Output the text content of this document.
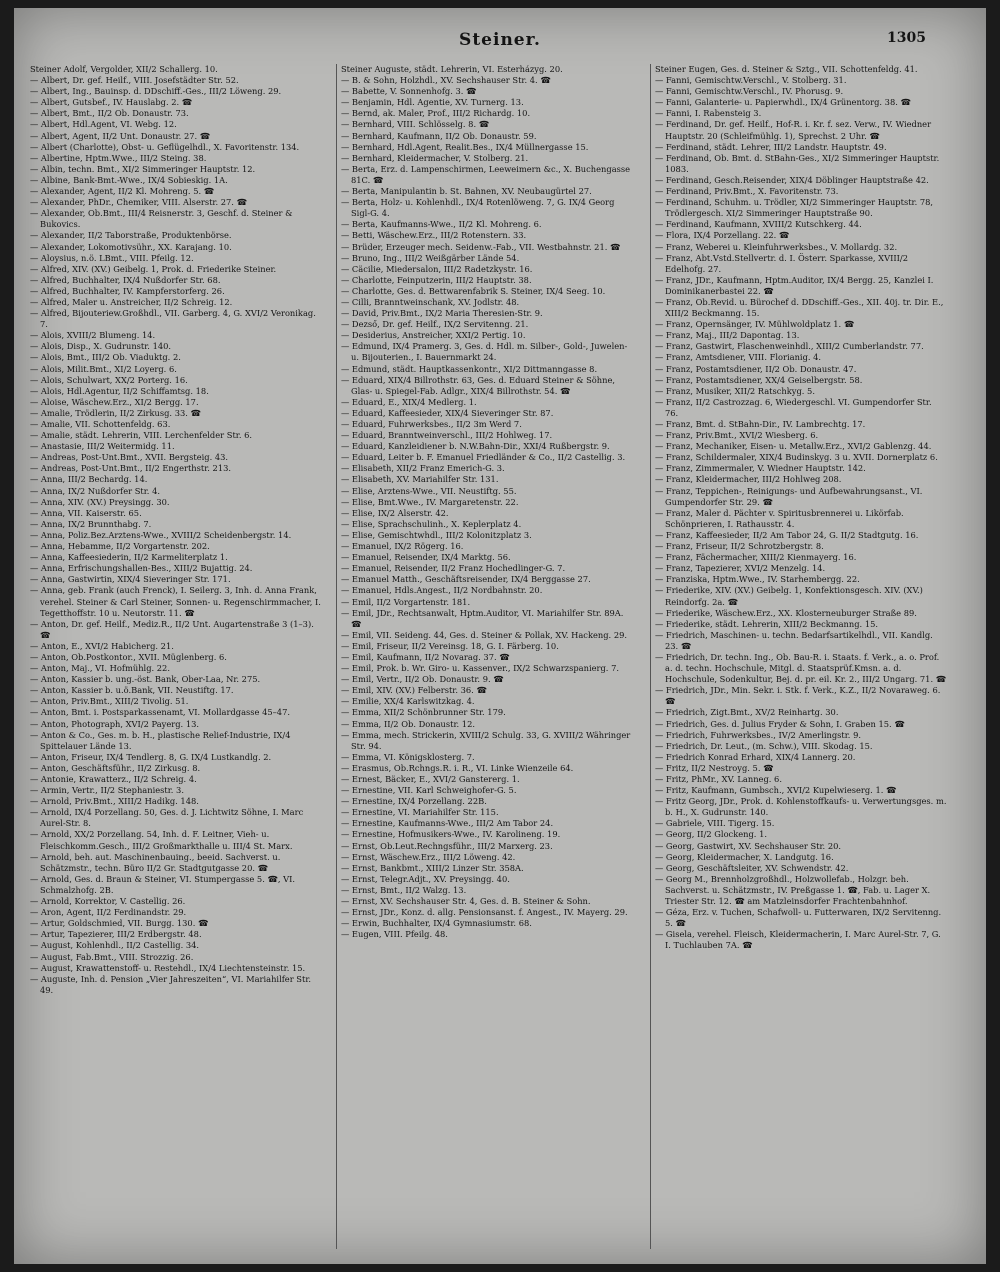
Steiner.	1305
Steiner Adolf, Vergolder, XII/2 Schallerg. 10.
— Albert, Dr. gef. Heilf., VIII. Josefstädter Str. 52.
— Albert, Ing., Bauinsp. d. DDschiff.-Ges., III/2 Löweng. 29.
— Albert, Gutsbef., IV. Hauslabg. 2. ☎
— Albert, Bmt., II/2 Ob. Donaustr. 73.
— Albert, Hdl.Agent, VI. Webg. 12.
— Albert, Agent, II/2 Unt. Donaustr. 27. ☎
— Albert (Charlotte), Obst- u. Geflügelhdl., X. Favoritenstr. 134.
— Albertine, Hptm.Wwe., III/2 Steing. 38.
— Albin, techn. Bmt., XI/2 Simmeringer Hauptstr. 12.
— Albine, Bank-Bmt.-Wwe., IX/4 Sobieskig. 1A.
— Alexander, Agent, II/2 Kl. Mohreng. 5. ☎
— Alexander, PhDr., Chemiker, VIII. Alserstr. 27. ☎
— Alexander, Ob.Bmt., III/4 Reisnerstr. 3, Geschf. d. Steiner & Bukovics.
— Alexander, II/2 Taborstraße, Produktenbörse.
— Alexander, Lokomotivsühr., XX. Karajang. 10.
— Aloysius, n.ö. LBmt., VIII. Pfeilg. 12.
— Alfred, XIV. (XV.) Geibelg. 1, Prok. d. Friederike Steiner.
— Alfred, Buchhalter, IX/4 Nußdorfer Str. 68.
— Alfred, Buchhalter, IV. Kampferstorferg. 26.
— Alfred, Maler u. Anstreicher, II/2 Schreig. 12.
— Alfred, Bijouteriew.Großhdl., VII. Garberg. 4, G. XVI/2 Veronikag. 7.
— Alois, XVIII/2 Blumeng. 14.
— Alois, Disp., X. Gudrunstr. 140.
— Alois, Bmt., III/2 Ob. Viaduktg. 2.
— Alois, Milit.Bmt., XI/2 Loyerg. 6.
— Alois, Schulwart, XX/2 Porterg. 16.
— Alois, Hdl.Agentur, II/2 Schiffamtsg. 18.
— Aloise, Wäschew.Erz., XI/2 Bergg. 17.
— Amalie, Trödlerin, II/2 Zirkusg. 33. ☎
— Amalie, VII. Schottenfeldg. 63.
— Amalie, städt. Lehrerin, VIII. Lerchenfelder Str. 6.
— Anastasie, III/2 Weitermidg. 11.
— Andreas, Post-Unt.Bmt., XVII. Bergsteig. 43.
— Andreas, Post-Unt.Bmt., II/2 Engerthstr. 213.
— Anna, III/2 Bechardg. 14.
— Anna, IX/2 Nußdorfer Str. 4.
— Anna, XIV. (XV.) Preysingg. 30.
— Anna, VII. Kaiserstr. 65.
— Anna, IX/2 Brunnthabg. 7.
— Anna, Poliz.Bez.Arztens-Wwe., XVIII/2 Scheidenbergstr. 14.
— Anna, Hebamme, II/2 Vorgartenstr. 202.
— Anna, Kaffeesiederin, II/2 Karmeliterplatz 1.
— Anna, Erfrischungshallen-Bes., XIII/2 Bujattig. 24.
— Anna, Gastwirtin, XIX/4 Sieveringer Str. 171.
— Anna, geb. Frank (auch Frenck), I. Seilerg. 3, Inh. d. Anna Frank, verehel. Steiner & Carl Steiner, Sonnen- u. Regenschirmmacher, I. Tegetthoffstr. 10 u. Neutorstr. 11. ☎
— Anton, Dr. gef. Heilf., Mediz.R., II/2 Unt. Augartenstraße 3 (1–3). ☎
— Anton, E., XVI/2 Habicherg. 21.
— Anton, Ob.Postkontor., XVII. Müglenberg. 6.
— Anton, Maj., VI. Hofmühlg. 22.
— Anton, Kassier b. ung.-öst. Bank, Ober-Laa, Nr. 275.
— Anton, Kassier b. u.ö.Bank, VII. Neustiftg. 17.
— Anton, Priv.Bmt., XIII/2 Tivolig. 51.
— Anton, Bmt. i. Postsparkassenamt, VI. Mollardgasse 45–47.
— Anton, Photograph, XVI/2 Payerg. 13.
— Anton & Co., Ges. m. b. H., plastische Relief-Industrie, IX/4 Spittelauer Lände 13.
— Anton, Friseur, IX/4 Tendlerg. 8, G. IX/4 Lustkandlg. 2.
— Anton, Geschäftsführ., II/2 Zirkusg. 8.
— Antonie, Krawatterz., II/2 Schreig. 4.
— Armin, Vertr., II/2 Stephaniestr. 3.
— Arnold, Priv.Bmt., XIII/2 Hadikg. 148.
— Arnold, IX/4 Porzellang. 50, Ges. d. J. Lichtwitz Söhne, I. Marc Aurel-Str. 8.
— Arnold, XX/2 Porzellang. 54, Inh. d. F. Leitner, Vieh- u. Fleischkomm.Gesch., III/2 Großmarkthalle u. III/4 St. Marx.
— Arnold, beh. aut. Maschinenbauing., beeid. Sachverst. u. Schätzmstr., techn. Büro II/2 Gr. Stadtgutgasse 20. ☎
— Arnold, Ges. d. Braun & Steiner, VI. Stumpergasse 5. ☎, VI. Schmalzhofg. 2B.
— Arnold, Korrektor, V. Castellig. 26.
— Aron, Agent, II/2 Ferdinandstr. 29.
— Artur, Goldschmied, VII. Burgg. 130. ☎
— Artur, Tapezierer, III/2 Erdbergstr. 48.
— August, Kohlenhdl., II/2 Castellig. 34.
— August, Fab.Bmt., VIII. Strozzig. 26.
— August, Krawattenstoff- u. Restehdl., IX/4 Liechtensteinstr. 15.
— Auguste, Inh. d. Pension „Vier Jahreszeiten“, VI. Mariahilfer Str. 49.
Steiner Auguste, städt. Lehrerin, VI. Esterházyg. 20.
— B. & Sohn, Holzhdl., XV. Sechshauser Str. 4. ☎
— Babette, V. Sonnenhofg. 3. ☎
— Benjamin, Hdl. Agentie, XV. Turnerg. 13.
— Bernd, ak. Maler, Prof., III/2 Richardg. 10.
— Bernhard, VIII. Schlösselg. 8. ☎
— Bernhard, Kaufmann, II/2 Ob. Donaustr. 59.
— Bernhard, Hdl.Agent, Realit.Bes., IX/4 Müllnergasse 15.
— Bernhard, Kleidermacher, V. Stolberg. 21.
— Berta, Erz. d. Lampenschirmen, Leeweimern &c., X. Buchengasse 81C. ☎
— Berta, Manipulantin b. St. Bahnen, XV. Neubaugürtel 27.
— Berta, Holz- u. Kohlenhdl., IX/4 Rotenlöweng. 7, G. IX/4 Georg Sigl-G. 4.
— Berta, Kaufmanns-Wwe., II/2 Kl. Mohreng. 6.
— Betti, Wäschew.Erz., III/2 Rotenstern. 33.
— Brüder, Erzeuger mech. Seidenw.-Fab., VII. Westbahnstr. 21. ☎
— Bruno, Ing., III/2 Weißgärber Lände 54.
— Cäcilie, Miedersalon, III/2 Radetzkystr. 16.
— Charlotte, Feinputzerin, III/2 Hauptstr. 38.
— Charlotte, Ges. d. Bettwarenfabrik S. Steiner, IX/4 Seeg. 10.
— Cilli, Branntweinschank, XV. Jodlstr. 48.
— David, Priv.Bmt., IX/2 Maria Theresien-Str. 9.
— Dezső, Dr. gef. Heilf., IX/2 Servitenng. 21.
— Desiderius, Anstreicher, XXI/2 Pertig. 10.
— Edmund, IX/4 Pramerg. 3, Ges. d. Hdl. m. Silber-, Gold-, Juwelen- u. Bijouterien., I. Bauernmarkt 24.
— Edmund, städt. Hauptkassenkontr., XI/2 Dittmanngasse 8.
— Eduard, XIX/4 Billrothstr. 63, Ges. d. Eduard Steiner & Söhne, Glas- u. Spiegel-Fab. Adlgr., XIX/4 Billrothstr. 54. ☎
— Eduard, E., XIX/4 Medlerg. 1.
— Eduard, Kaffeesieder, XIX/4 Sieveringer Str. 87.
— Eduard, Fuhrwerksbes., II/2 3m Werd 7.
— Eduard, Branntweinverschl., III/2 Hohlweg. 17.
— Eduard, Kanzleidiener b. N.W.Bahn-Dir., XXI/4 Rußbergstr. 9.
— Eduard, Leiter b. F. Emanuel Friedländer & Co., II/2 Castellig. 3.
— Elisabeth, XII/2 Franz Emerich-G. 3.
— Elisabeth, XV. Mariahilfer Str. 131.
— Elise, Arztens-Wwe., VII. Neustiftg. 55.
— Elise, Bmt.Wwe., IV. Margaretenstr. 22.
— Elise, IX/2 Alserstr. 42.
— Elise, Sprachschulinh., X. Keplerplatz 4.
— Elise, Gemischtwhdl., III/2 Kolonitzplatz 3.
— Emanuel, IX/2 Rögerg. 16.
— Emanuel, Reisender, IX/4 Marktg. 56.
— Emanuel, Reisender, II/2 Franz Hochedlinger-G. 7.
— Emanuel Matth., Geschäftsreisender, IX/4 Berggasse 27.
— Emanuel, Hdls.Angest., II/2 Nordbahnstr. 20.
— Emil, II/2 Vorgartenstr. 181.
— Emil, JDr., Rechtsanwalt, Hptm.Auditor, VI. Mariahilfer Str. 89A. ☎
— Emil, VII. Seideng. 44, Ges. d. Steiner & Pollak, XV. Hackeng. 29.
— Emil, Friseur, II/2 Vereinsg. 18, G. I. Färberg. 10.
— Emil, Kaufmann, II/2 Novarag. 37. ☎
— Emil, Prok. b. Wr. Giro- u. Kassenver., IX/2 Schwarzspanierg. 7.
— Emil, Vertr., II/2 Ob. Donaustr. 9. ☎
— Emil, XIV. (XV.) Felberstr. 36. ☎
— Emilie, XX/4 Karlswitzkag. 4.
— Emma, XII/2 Schönbrunner Str. 179.
— Emma, II/2 Ob. Donaustr. 12.
— Emma, mech. Strickerin, XVIII/2 Schulg. 33, G. XVIII/2 Währinger Str. 94.
— Emma, VI. Königsklosterg. 7.
— Erasmus, Ob.Rchngs.R. i. R., VI. Linke Wienzeile 64.
— Ernest, Bäcker, E., XVI/2 Ganstererg. 1.
— Ernestine, VII. Karl Schweighofer-G. 5.
— Ernestine, IX/4 Porzellang. 22B.
— Ernestine, VI. Mariahilfer Str. 115.
— Ernestine, Kaufmanns-Wwe., III/2 Am Tabor 24.
— Ernestine, Hofmusikers-Wwe., IV. Karolineng. 19.
— Ernst, Ob.Leut.Rechngsführ., III/2 Marxerg. 23.
— Ernst, Wäschew.Erz., III/2 Löweng. 42.
— Ernst, Bankbmt., XIII/2 Linzer Str. 358A.
— Ernst, Telegr.Adjt., XV. Preysingg. 40.
— Ernst, Bmt., II/2 Walzg. 13.
— Ernst, XV. Sechshauser Str. 4, Ges. d. B. Steiner & Sohn.
— Ernst, JDr., Konz. d. allg. Pensionsanst. f. Angest., IV. Mayerg. 29.
— Erwin, Buchhalter, IX/4 Gymnasiumstr. 68.
— Eugen, VIII. Pfeilg. 48.
Steiner Eugen, Ges. d. Steiner & Sztg., VII. Schottenfeldg. 41.
— Fanni, Gemischtw.Verschl., V. Stolberg. 31.
— Fanni, Gemischtw.Verschl., IV. Phorusg. 9.
— Fanni, Galanterie- u. Papierwhdl., IX/4 Grünentorg. 38. ☎
— Fanni, I. Rabensteig 3.
— Ferdinand, Dr. gef. Heilf., Hof-R. i. Kr. f. sez. Verw., IV. Wiedner Hauptstr. 20 (Schleifmühlg. 1), Sprechst. 2 Uhr. ☎
— Ferdinand, städt. Lehrer, III/2 Landstr. Hauptstr. 49.
— Ferdinand, Ob. Bmt. d. StBahn-Ges., XI/2 Simmeringer Hauptstr. 1083.
— Ferdinand, Gesch.Reisender, XIX/4 Döblinger Hauptstraße 42.
— Ferdinand, Priv.Bmt., X. Favoritenstr. 73.
— Ferdinand, Schuhm. u. Trödler, XI/2 Simmeringer Hauptstr. 78, Trödlergesch. XI/2 Simmeringer Hauptstraße 90.
— Ferdinand, Kaufmann, XVIII/2 Kutschkerg. 44.
— Flora, IX/4 Porzellang. 22. ☎
— Franz, Weberei u. Kleinfuhrwerksbes., V. Mollardg. 32.
— Franz, Abt.Vstd.Stellvertr. d. I. Österr. Sparkasse, XVIII/2 Edelhofg. 27.
— Franz, JDr., Kaufmann, Hptm.Auditor, IX/4 Bergg. 25, Kanzlei I. Dominikanerbastei 22. ☎
— Franz, Ob.Revid. u. Bürochef d. DDschiff.-Ges., XII. 40j. tr. Dir. E., XIII/2 Beckmanng. 15.
— Franz, Opernsänger, IV. Mühlwoldplatz 1. ☎
— Franz, Maj., III/2 Dapontag. 13.
— Franz, Gastwirt, Flaschenweinhdl., XIII/2 Cumberlandstr. 77.
— Franz, Amtsdiener, VIII. Florianig. 4.
— Franz, Postamtsdiener, II/2 Ob. Donaustr. 47.
— Franz, Postamtsdiener, XX/4 Geiselbergstr. 58.
— Franz, Musiker, XII/2 Ratschkyg. 5.
— Franz, II/2 Castrozzag. 6, Wiedergeschl. VI. Gumpendorfer Str. 76.
— Franz, Bmt. d. StBahn-Dir., IV. Lambrechtg. 17.
— Franz, Priv.Bmt., XVI/2 Wiesberg. 6.
— Franz, Mechaniker, Eisen- u. Metallw.Erz., XVI/2 Gablenzg. 44.
— Franz, Schildermaler, XIX/4 Budinskyg. 3 u. XVII. Dornerplatz 6.
— Franz, Zimmermaler, V. Wiedner Hauptstr. 142.
— Franz, Kleidermacher, III/2 Hohlweg 208.
— Franz, Teppichen-, Reinigungs- und Aufbewahrungsanst., VI. Gumpendorfer Str. 29. ☎
— Franz, Maler d. Pächter v. Spiritusbrennerei u. Likörfab. Schönprieren, I. Rathausstr. 4.
— Franz, Kaffeesieder, II/2 Am Tabor 24, G. II/2 Stadtgutg. 16.
— Franz, Friseur, II/2 Schrotzbergstr. 8.
— Franz, Fächermacher, XIII/2 Kienmayerg. 16.
— Franz, Tapezierer, XVI/2 Menzelg. 14.
— Franziska, Hptm.Wwe., IV. Starhembergg. 22.
— Friederike, XIV. (XV.) Geibelg. 1, Konfektionsgesch. XIV. (XV.) Reindorfg. 2a. ☎
— Friederike, Wäschew.Erz., XX. Klosterneuburger Straße 89.
— Friederike, städt. Lehrerin, XIII/2 Beckmanng. 15.
— Friedrich, Maschinen- u. techn. Bedarfsartikelhdl., VII. Kandlg. 23. ☎
— Friedrich, Dr. techn. Ing., Ob. Bau-R. i. Staats. f. Verk., a. o. Prof. a. d. techn. Hochschule, Mitgl. d. Staatsprüf.Kmsn. a. d. Hochschule, Sodenkultur, Bej. d. pr. eil. Kr. 2., III/2 Ungarg. 71. ☎
— Friedrich, JDr., Min. Sekr. i. Stk. f. Verk., K.Z., II/2 Novaraweg. 6. ☎
— Friedrich, Zigt.Bmt., XV/2 Reinhartg. 30.
— Friedrich, Ges. d. Julius Fryder & Sohn, I. Graben 15. ☎
— Friedrich, Fuhrwerksbes., IV/2 Amerlingstr. 9.
— Friedrich, Dr. Leut., (m. Schw.), VIII. Skodag. 15.
— Friedrich Konrad Erhard, XIX/4 Lannerg. 20.
— Fritz, II/2 Nestroyg. 5. ☎
— Fritz, PhMr., XV. Lanneg. 6.
— Fritz, Kaufmann, Gumbsch., XVI/2 Kupelwieserg. 1. ☎
— Fritz Georg, JDr., Prok. d. Kohlenstoffkaufs- u. Verwertungsges. m. b. H., X. Gudrunstr. 140.
— Gabriele, VIII. Tigerg. 15.
— Georg, II/2 Glockeng. 1.
— Georg, Gastwirt, XV. Sechshauser Str. 20.
— Georg, Kleidermacher, X. Landgutg. 16.
— Georg, Geschäftsleiter, XV. Schwendstr. 42.
— Georg M., Brennholzgroßhdl., Holzwollefab., Holzgr. beh. Sachverst. u. Schätzmstr., IV. Preßgasse 1. ☎, Fab. u. Lager X. Triester Str. 12. ☎ am Matzleinsdorfer Frachtenbahnhof.
— Géza, Erz. v. Tuchen, Schafwoll- u. Futterwaren, IX/2 Servitenng. 5. ☎
— Gisela, verehel. Fleisch, Kleidermacherin, I. Marc Aurel-Str. 7, G. I. Tuchlauben 7A. ☎
